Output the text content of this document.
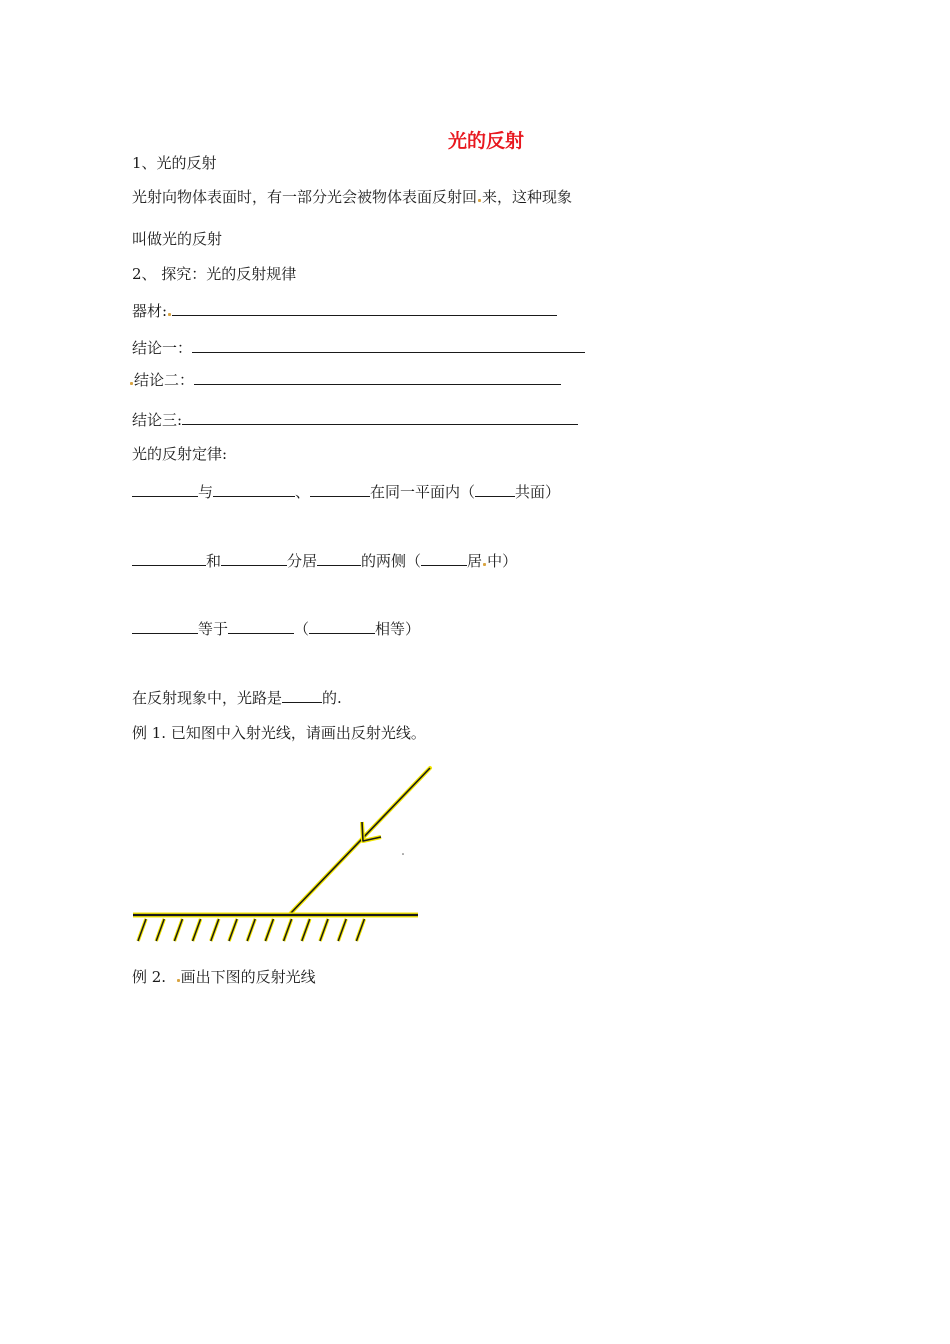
光的反射
1、光的反射
光射向物体表面时，有一部分光会被物体表面反射回 来，这种现象
叫做光的反射
2、 探究：光的反射规律
器材:
结论一：
结论二：
结论三:
光的反射定律:
与	、	在同一平面内（	共面）
和	分居	的两侧（	居 中）
等于	（	相等）
在反射现象中，光路是	的.
例 1. 已知图中入射光线，请画出反射光线。
例 2. 画出下图的反射光线
